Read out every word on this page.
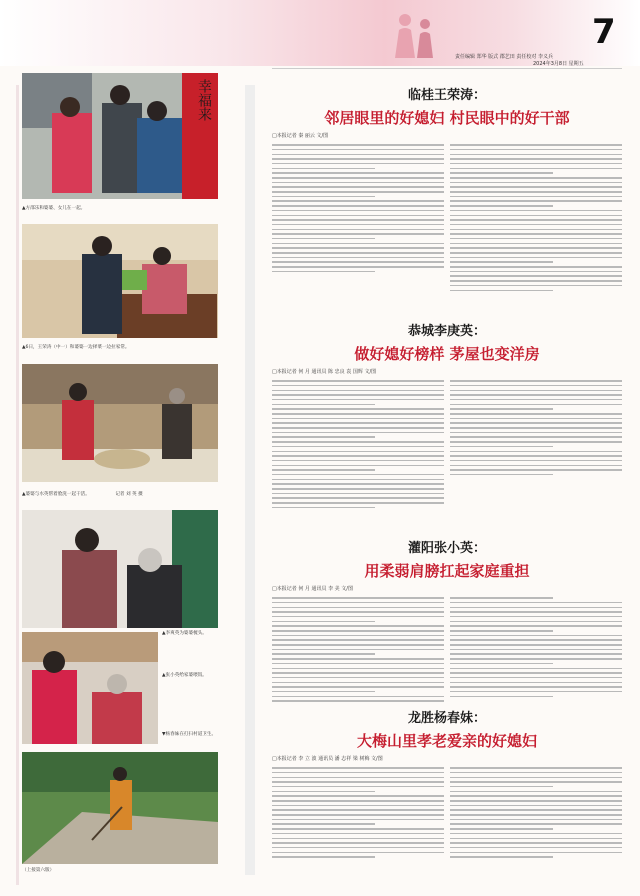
7
责任编辑 郑华 版式 郡艺田 责任校对 李义兵
2024年3月8日 星期五
幸福来
▲方邵乐和婆婆、女儿在一起。
▲6日，王荣涛（中一）和婆婆一边择菜一边拉家常。
▲婆婆与水英帮着脸洗一起干活。	记者 刘 英 摄
▲李爽英为婆婆梳头。
▲张小英给家婆喂饭。
▼杨春妹在打扫村道卫生。
（上接第六版）
临桂王荣涛：
邻居眼里的好媳妇 村民眼中的好干部
□本报记者 秦 丽云 文/图
恭城李庚英：
做好媳好榜样 茅屋也变洋房
□本报记者 何 月 通讯员 陈 忠良 袁 国辉 文/图
灌阳张小英：
用柔弱肩膀扛起家庭重担
□本报记者 何 月 通讯员 李 美 文/图
龙胜杨春妹：
大梅山里孝老爱亲的好媳妇
□本报记者 李 立 波 通讯员 潘 志祥 梁 树梅 文/图
